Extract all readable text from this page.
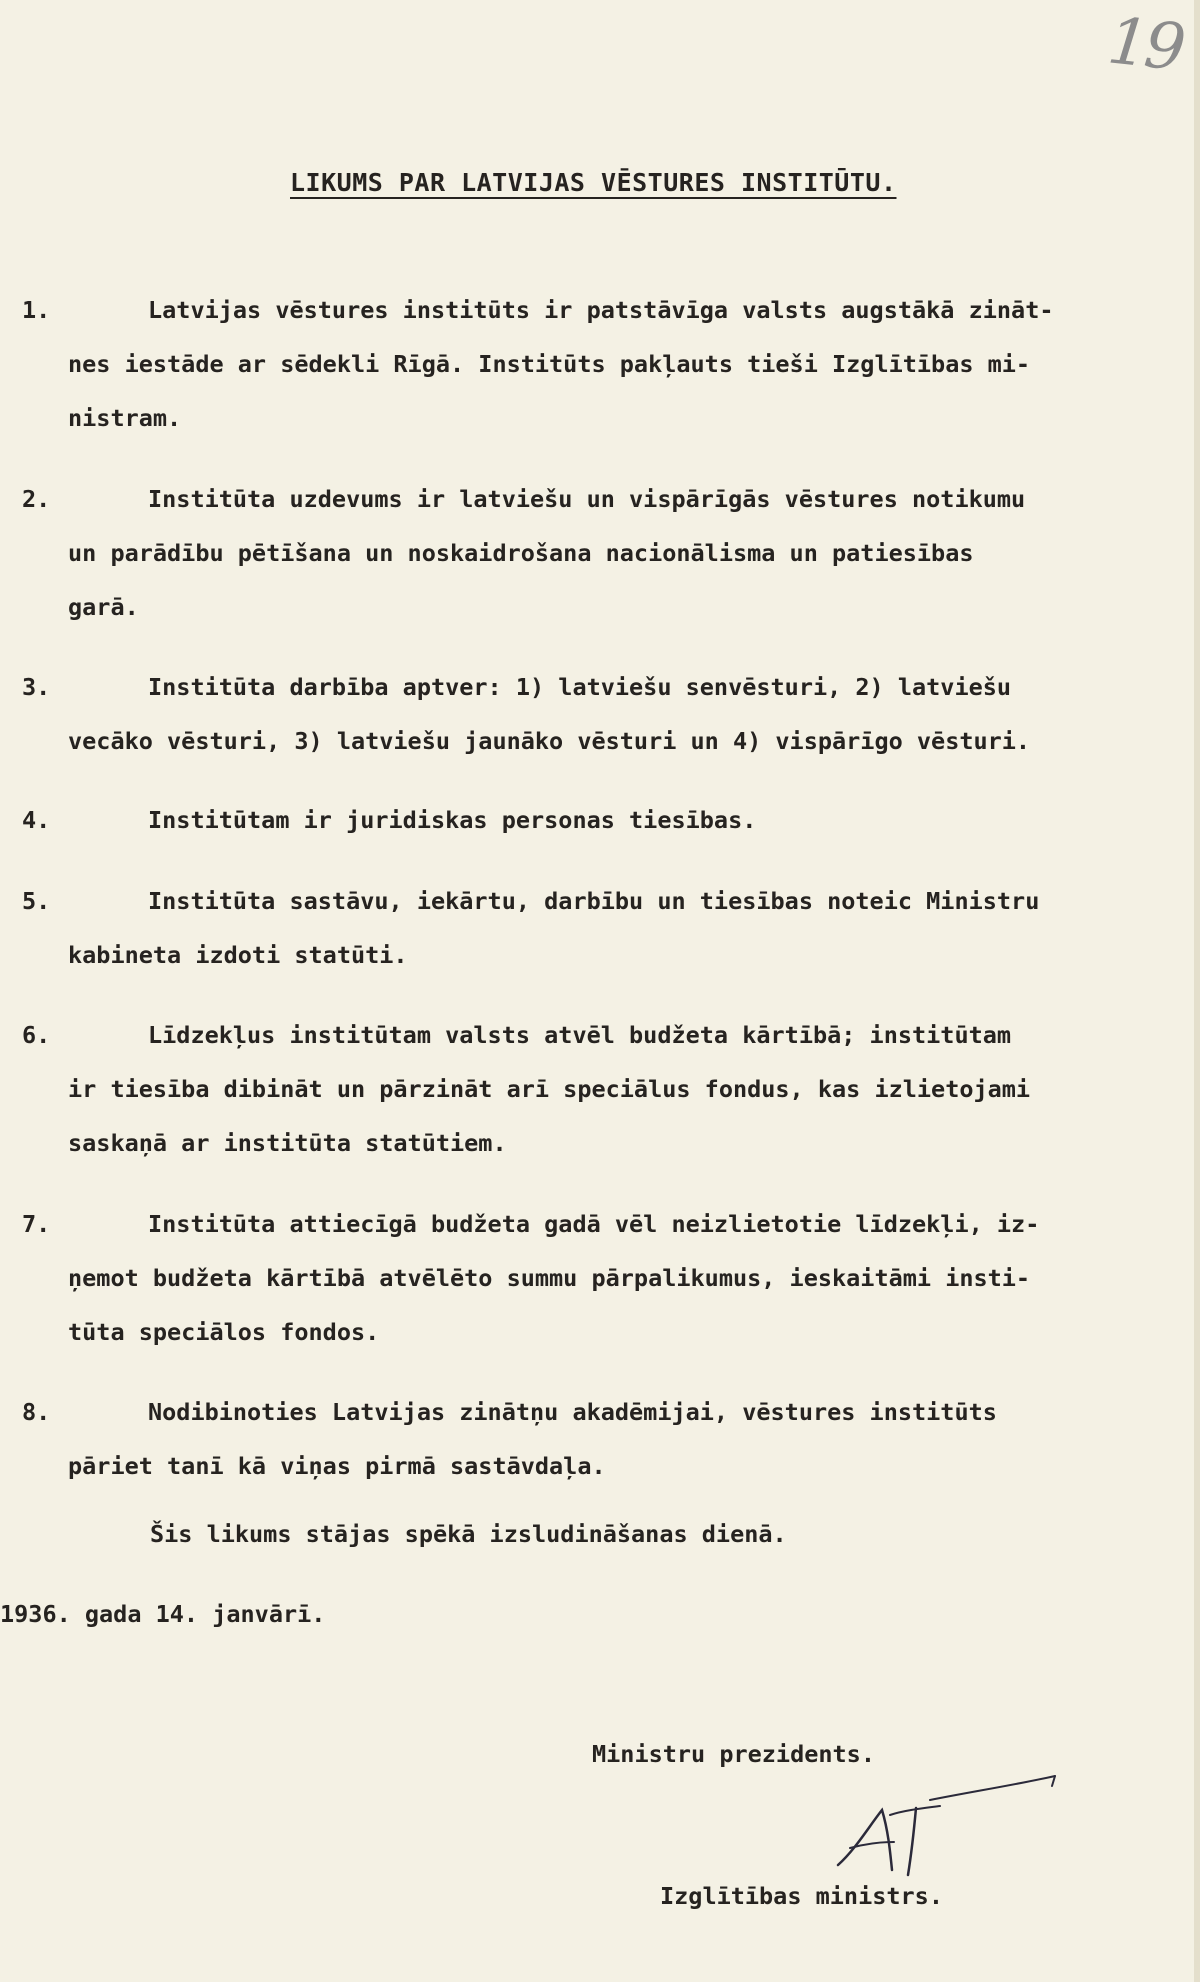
19
LIKUMS PAR LATVIJAS VĒSTURES INSTITŪTU.
1.	Latvijas vēstures institūts ir patstāvīga valsts augstākā zināt-
nes iestāde ar sēdekli Rīgā. Institūts pakļauts tieši Izglītības mi-
nistram.
2.	Institūta uzdevums ir latviešu un vispārīgās vēstures notikumu
un parādību pētīšana un noskaidrošana nacionālisma un patiesības
garā.
3.	Institūta darbība aptver: 1) latviešu senvēsturi, 2) latviešu
vecāko vēsturi, 3) latviešu jaunāko vēsturi un 4) vispārīgo vēsturi.
4.	Institūtam ir juridiskas personas tiesības.
5.	Institūta sastāvu, iekārtu, darbību un tiesības noteic Ministru
kabineta izdoti statūti.
6.	Līdzekļus institūtam valsts atvēl budžeta kārtībā; institūtam
ir tiesība dibināt un pārzināt arī speciālus fondus, kas izlietojami
saskaņā ar institūta statūtiem.
7.	Institūta attiecīgā budžeta gadā vēl neizlietotie līdzekļi, iz-
ņemot budžeta kārtībā atvēlēto summu pārpalikumus, ieskaitāmi insti-
tūta speciālos fondos.
8.	Nodibinoties Latvijas zinātņu akadēmijai, vēstures institūts
pāriet tanī kā viņas pirmā sastāvdaļa.
Šis likums stājas spēkā izsludināšanas dienā.
1936. gada 14. janvārī.
Ministru prezidents.
Izglītības ministrs.
